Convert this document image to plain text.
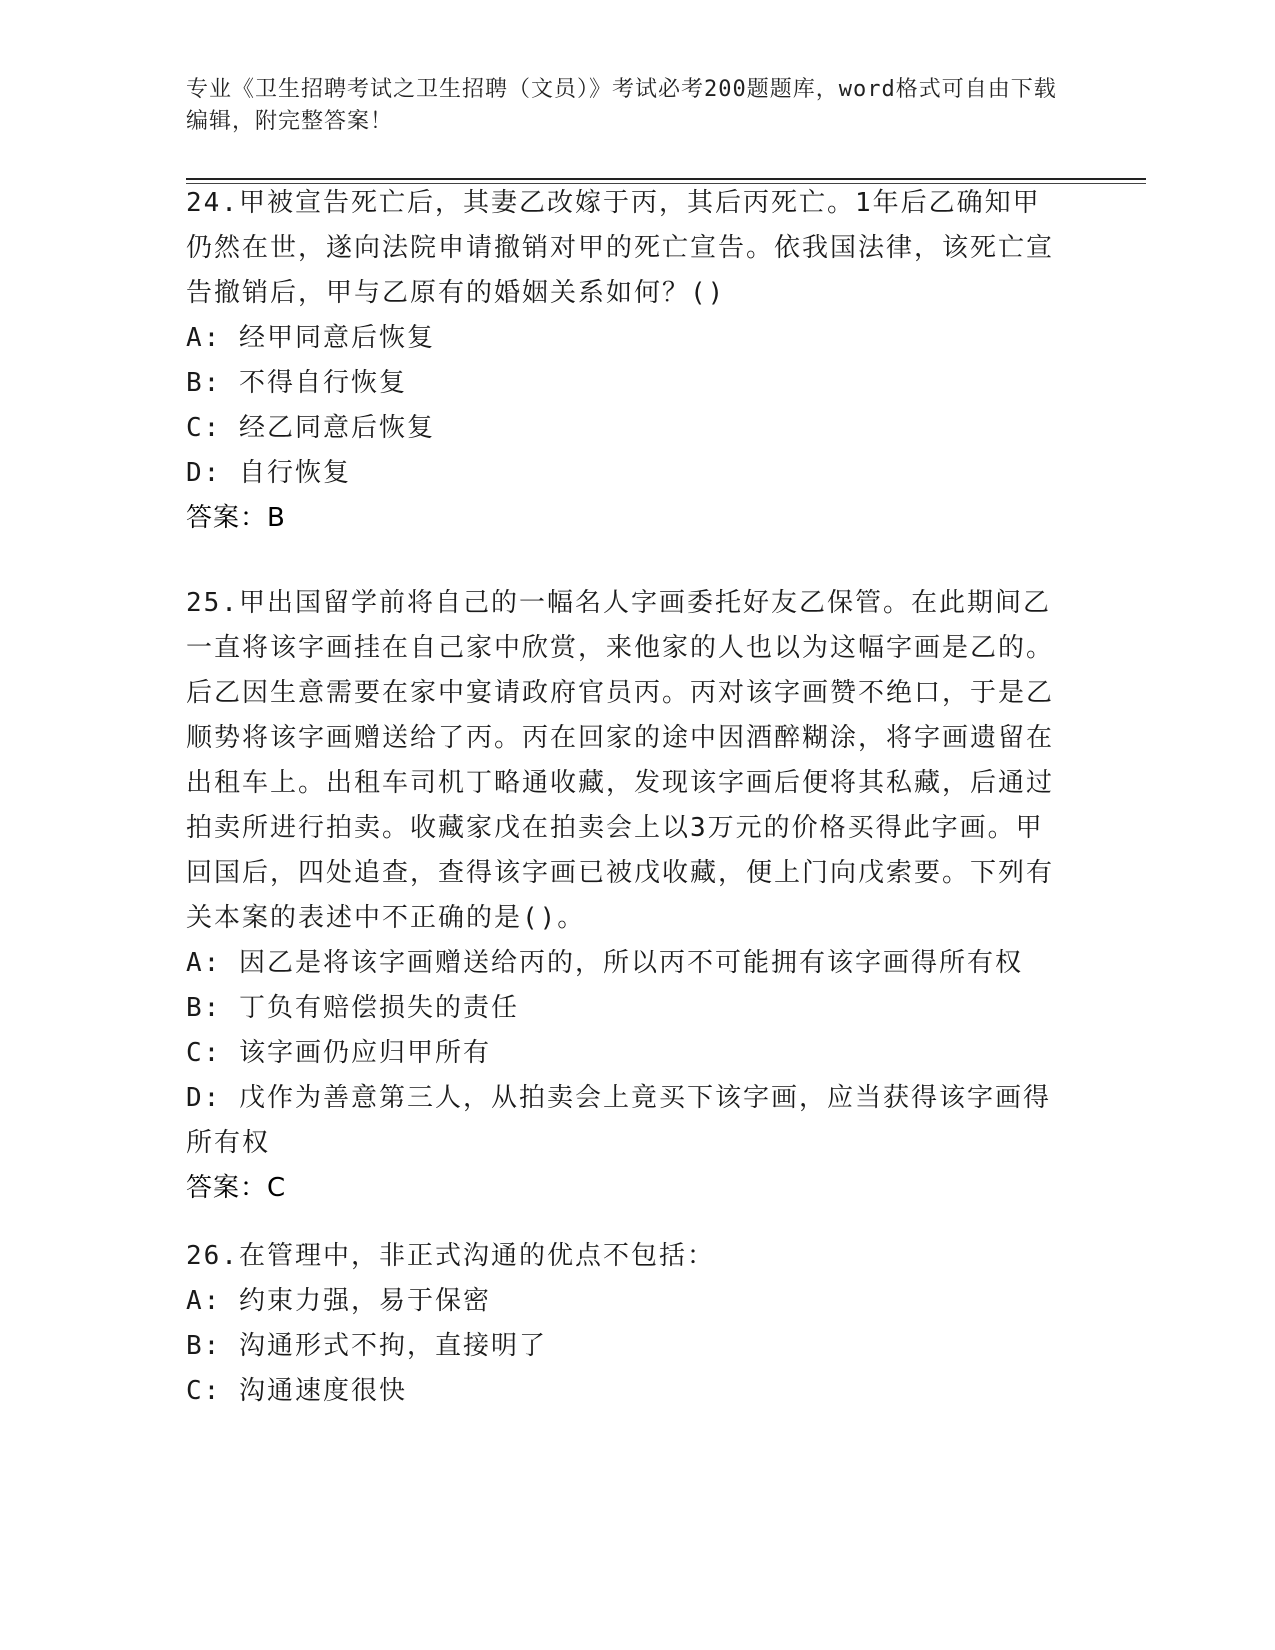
专业《卫生招聘考试之卫生招聘（文员）》考试必考200题题库，word格式可自由下载编辑，附完整答案！

24.甲被宣告死亡后，其妻乙改嫁于丙，其后丙死亡。1年后乙确知甲仍然在世，遂向法院申请撤销对甲的死亡宣告。依我国法律，该死亡宣告撤销后，甲与乙原有的婚姻关系如何？()

A: 经甲同意后恢复

B: 不得自行恢复

C: 经乙同意后恢复

D: 自行恢复

答案：B

25.甲出国留学前将自己的一幅名人字画委托好友乙保管。在此期间乙一直将该字画挂在自己家中欣赏，来他家的人也以为这幅字画是乙的。后乙因生意需要在家中宴请政府官员丙。丙对该字画赞不绝口，于是乙顺势将该字画赠送给了丙。丙在回家的途中因酒醉糊涂，将字画遗留在出租车上。出租车司机丁略通收藏，发现该字画后便将其私藏，后通过拍卖所进行拍卖。收藏家戊在拍卖会上以3万元的价格买得此字画。甲回国后，四处追查，查得该字画已被戊收藏，便上门向戊索要。下列有关本案的表述中不正确的是()。

A: 因乙是将该字画赠送给丙的，所以丙不可能拥有该字画得所有权

B: 丁负有赔偿损失的责任

C: 该字画仍应归甲所有

D: 戊作为善意第三人，从拍卖会上竟买下该字画，应当获得该字画得所有权

答案：C

26.在管理中，非正式沟通的优点不包括：

A: 约束力强，易于保密

B: 沟通形式不拘，直接明了

C: 沟通速度很快
